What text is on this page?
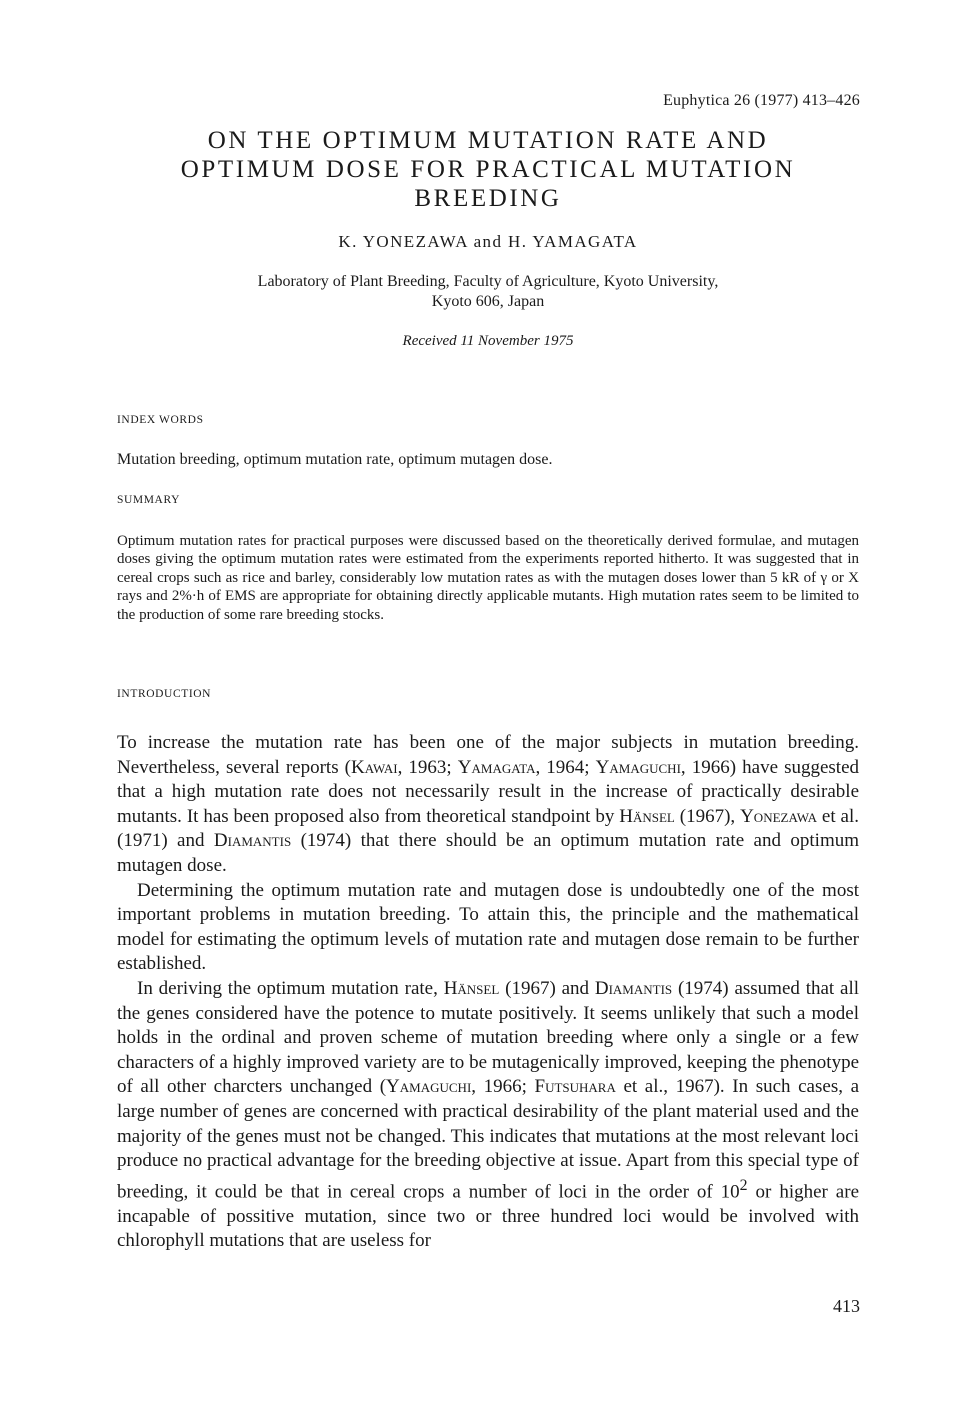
Euphytica 26 (1977) 413–426
ON THE OPTIMUM MUTATION RATE AND
OPTIMUM DOSE FOR PRACTICAL MUTATION
BREEDING
K. YONEZAWA and H. YAMAGATA
Laboratory of Plant Breeding, Faculty of Agriculture, Kyoto University,
Kyoto 606, Japan
Received 11 November 1975
INDEX WORDS
Mutation breeding, optimum mutation rate, optimum mutagen dose.
SUMMARY
Optimum mutation rates for practical purposes were discussed based on the theoretically derived formulae, and mutagen doses giving the optimum mutation rates were estimated from the experiments reported hitherto. It was suggested that in cereal crops such as rice and barley, considerably low mutation rates as with the mutagen doses lower than 5 kR of γ or X rays and 2%·h of EMS are appropriate for obtaining directly applicable mutants. High mutation rates seem to be limited to the production of some rare breeding stocks.
INTRODUCTION

To increase the mutation rate has been one of the major subjects in mutation breeding. Nevertheless, several reports (Kawai, 1963; Yamagata, 1964; Yamaguchi, 1966) have suggested that a high mutation rate does not necessarily result in the increase of practically desirable mutants. It has been proposed also from theoretical standpoint by Hänsel (1967), Yonezawa et al. (1971) and Diamantis (1974) that there should be an optimum mutation rate and optimum mutagen dose.

Determining the optimum mutation rate and mutagen dose is undoubtedly one of the most important problems in mutation breeding. To attain this, the principle and the mathematical model for estimating the optimum levels of mutation rate and mutagen dose remain to be further established.

In deriving the optimum mutation rate, Hänsel (1967) and Diamantis (1974) assumed that all the genes considered have the potence to mutate positively. It seems unlikely that such a model holds in the ordinal and proven scheme of mutation breeding where only a single or a few characters of a highly improved variety are to be mutagenically improved, keeping the phenotype of all other charcters unchanged (Yamaguchi, 1966; Futsuhara et al., 1967). In such cases, a large number of genes are concerned with practical desirability of the plant material used and the majority of the genes must not be changed. This indicates that mutations at the most relevant loci produce no practical advantage for the breeding objective at issue. Apart from this special type of breeding, it could be that in cereal crops a number of loci in the order of $10^2$ or higher are incapable of possitive mutation, since two or three hundred loci would be involved with chlorophyll mutations that are useless for

413
